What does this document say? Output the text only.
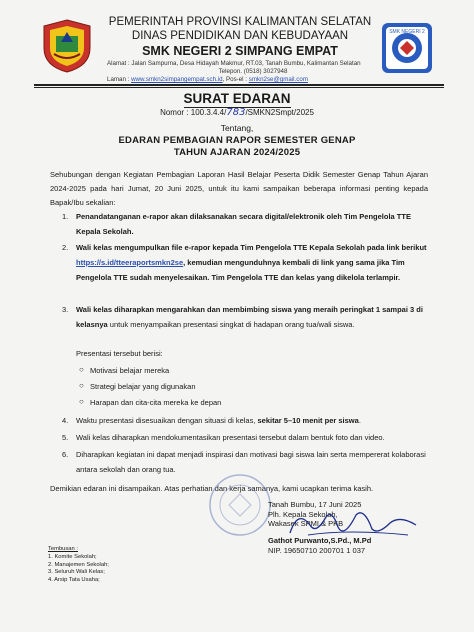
PEMERINTAH PROVINSI KALIMANTAN SELATAN
DINAS PENDIDIKAN DAN KEBUDAYAAN
SMK NEGERI 2 SIMPANG EMPAT
Alamat : Jalan Sampurna, Desa Hidayah Makmur, RT.03, Tanah Bumbu, Kalimantan Selatan
Telepon. (0518) 3027948
Laman : www.smkn2simpangempat.sch.id, Pos-el : smkn2se@gmail.com
SMK NEGERI 2
SURAT EDARAN
Nomor : 100.3.4.4/783/SMKN2Smpt/2025
Tentang,
EDARAN PEMBAGIAN RAPOR SEMESTER GENAP
TAHUN AJARAN 2024/2025
Sehubungan dengan Kegiatan Pembagian Laporan Hasil Belajar Peserta Didik Semester Genap Tahun Ajaran 2024-2025 pada hari Jumat, 20 Juni 2025, untuk itu kami sampaikan beberapa informasi penting kepada Bapak/Ibu sekalian:
1. Penandatanganan e-rapor akan dilaksanakan secara digital/elektronik oleh Tim Pengelola TTE Kepala Sekolah.
2. Wali kelas mengumpulkan file e-rapor kepada Tim Pengelola TTE Kepala Sekolah pada link berikut https://s.id/tteeraportsmkn2se, kemudian mengunduhnya kembali di link yang sama jika Tim Pengelola TTE sudah menyelesaikan. Tim Pengelola TTE dan kelas yang dikelola terlampir.
3. Wali kelas diharapkan mengarahkan dan membimbing siswa yang meraih peringkat 1 sampai 3 di kelasnya untuk menyampaikan presentasi singkat di hadapan orang tua/wali siswa.
Presentasi tersebut berisi:
○ Motivasi belajar mereka
○ Strategi belajar yang digunakan
○ Harapan dan cita-cita mereka ke depan
4. Waktu presentasi disesuaikan dengan situasi di kelas, sekitar 5–10 menit per siswa.
5. Wali kelas diharapkan mendokumentasikan presentasi tersebut dalam bentuk foto dan video.
6. Diharapkan kegiatan ini dapat menjadi inspirasi dan motivasi bagi siswa lain serta mempererat kolaborasi antara sekolah dan orang tua.
Demikian edaran ini disampaikan. Atas perhatian dan kerja samanya, kami ucapkan terima kasih.
Tanah Bumbu, 17 Juni 2025
Plh. Kepala Sekolah,
Wakasek SPMI & PKB
Gathot Purwanto,S.Pd., M.Pd
NIP. 19650710 200701 1 037
Tembusan :
1. Komite Sekolah;
2. Manajemen Sekolah;
3. Seluruh Wali Kelas;
4. Arsip Tata Usaha;
